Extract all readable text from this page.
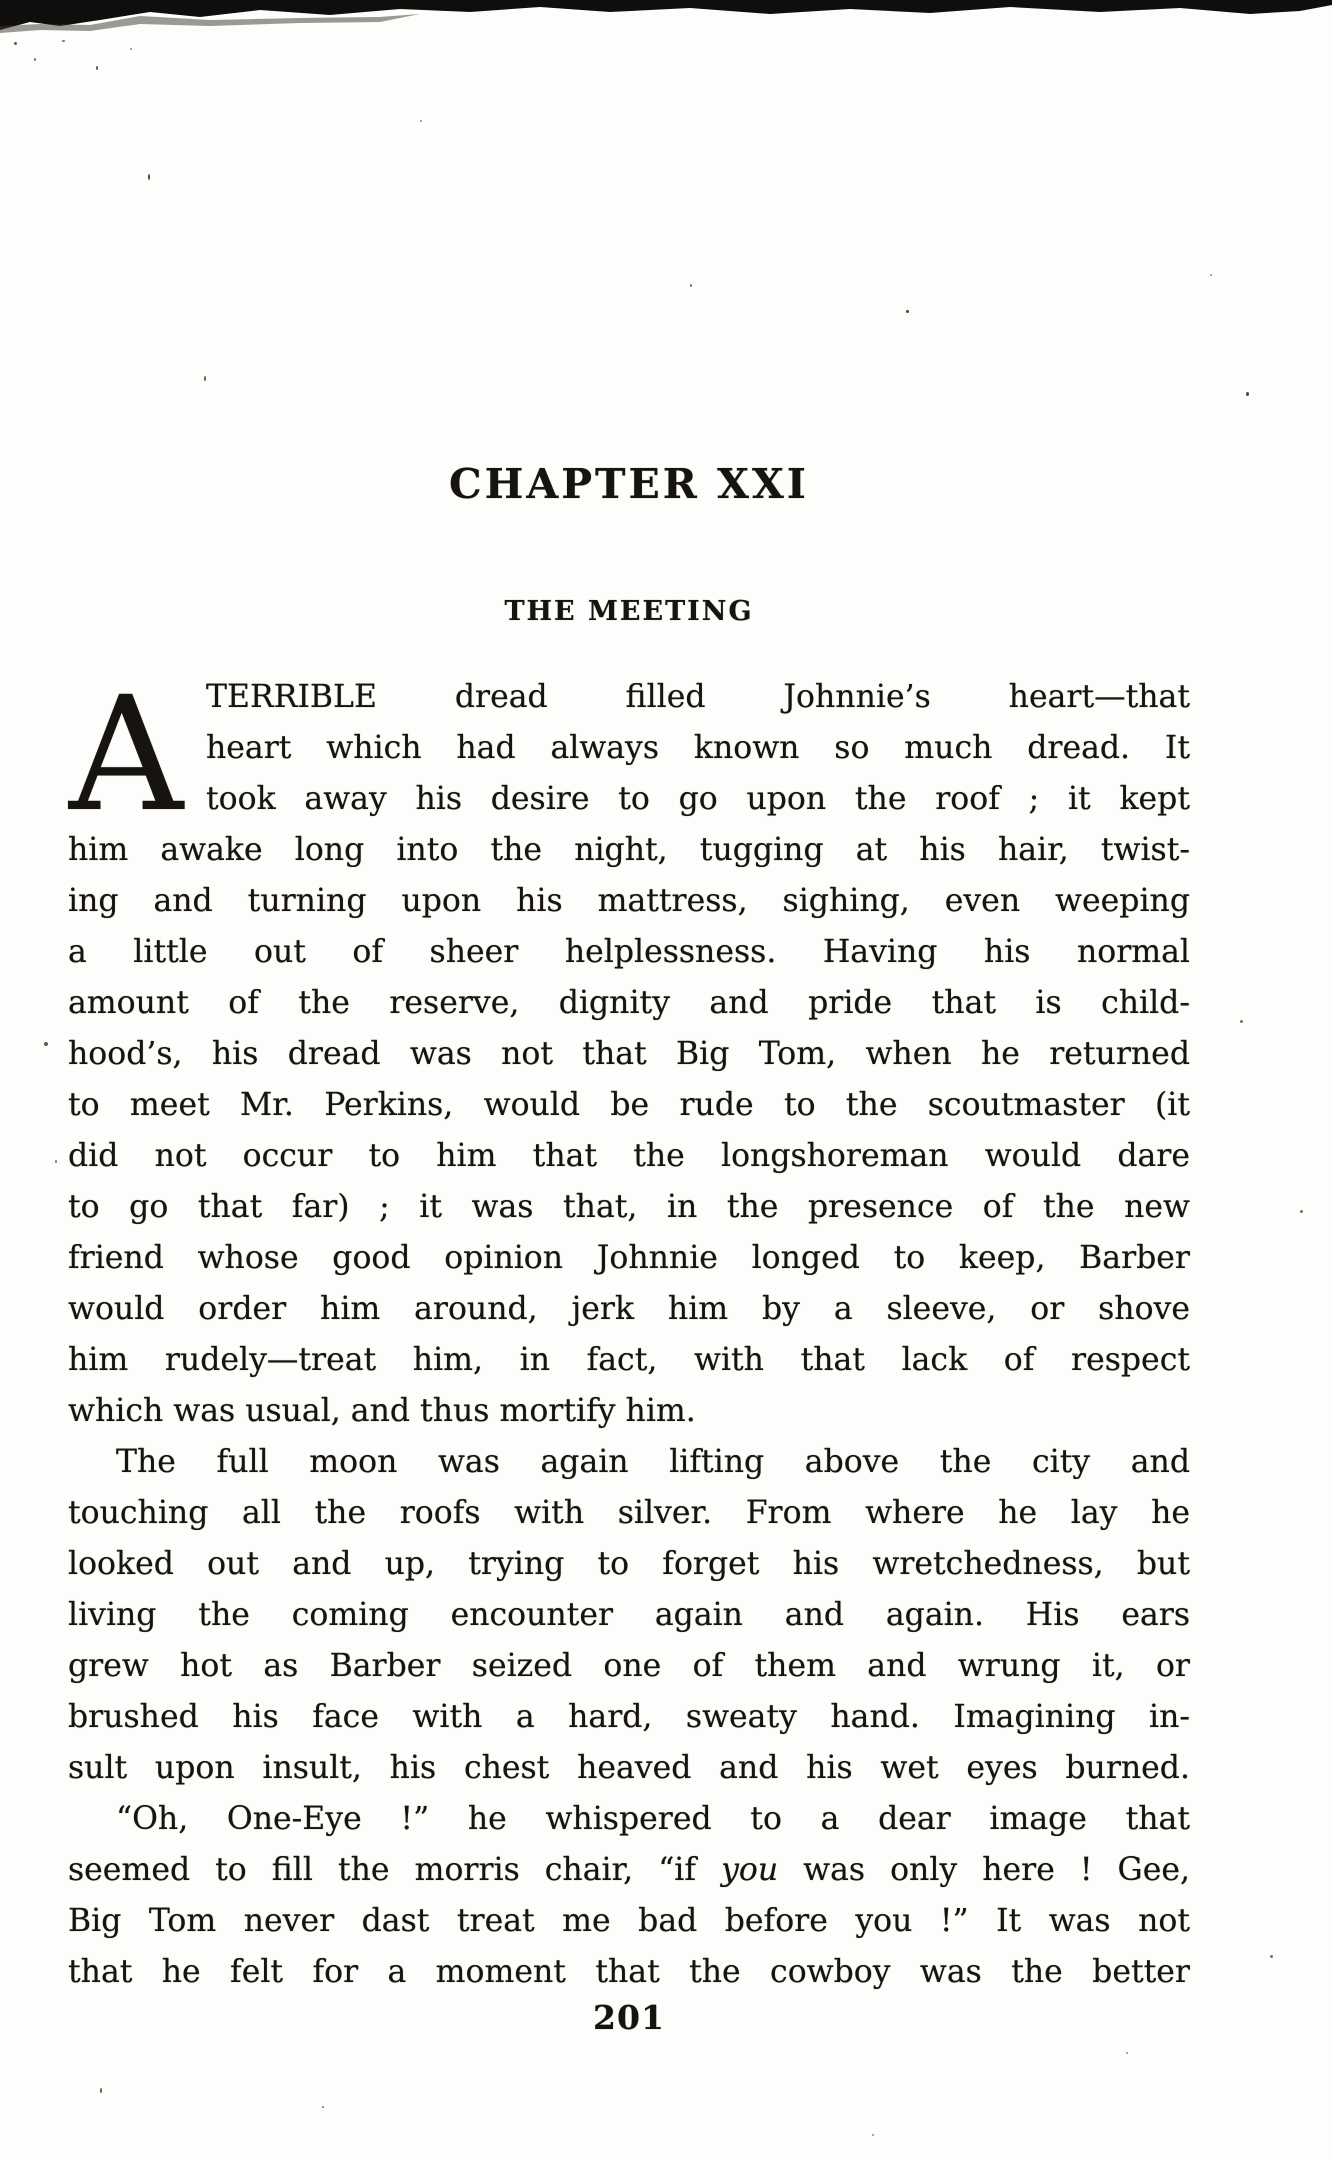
CHAPTER XXI
THE MEETING
A TERRIBLE dread filled Johnnie’s heart—that
heart which had always known so much dread. It
took away his desire to go upon the roof ; it kept
him awake long into the night, tugging at his hair, twist-
ing and turning upon his mattress, sighing, even weeping
a little out of sheer helplessness. Having his normal
amount of the reserve, dignity and pride that is child-
hood’s, his dread was not that Big Tom, when he returned
to meet Mr. Perkins, would be rude to the scoutmaster (it
did not occur to him that the longshoreman would dare
to go that far) ; it was that, in the presence of the new
friend whose good opinion Johnnie longed to keep, Barber
would order him around, jerk him by a sleeve, or shove
him rudely—treat him, in fact, with that lack of respect
which was usual, and thus mortify him.
The full moon was again lifting above the city and
touching all the roofs with silver. From where he lay he
looked out and up, trying to forget his wretchedness, but
living the coming encounter again and again. His ears
grew hot as Barber seized one of them and wrung it, or
brushed his face with a hard, sweaty hand. Imagining in-
sult upon insult, his chest heaved and his wet eyes burned.
“Oh, One-Eye !” he whispered to a dear image that
seemed to fill the morris chair, “if you was only here ! Gee,
Big Tom never dast treat me bad before you !” It was not
that he felt for a moment that the cowboy was the better
201
